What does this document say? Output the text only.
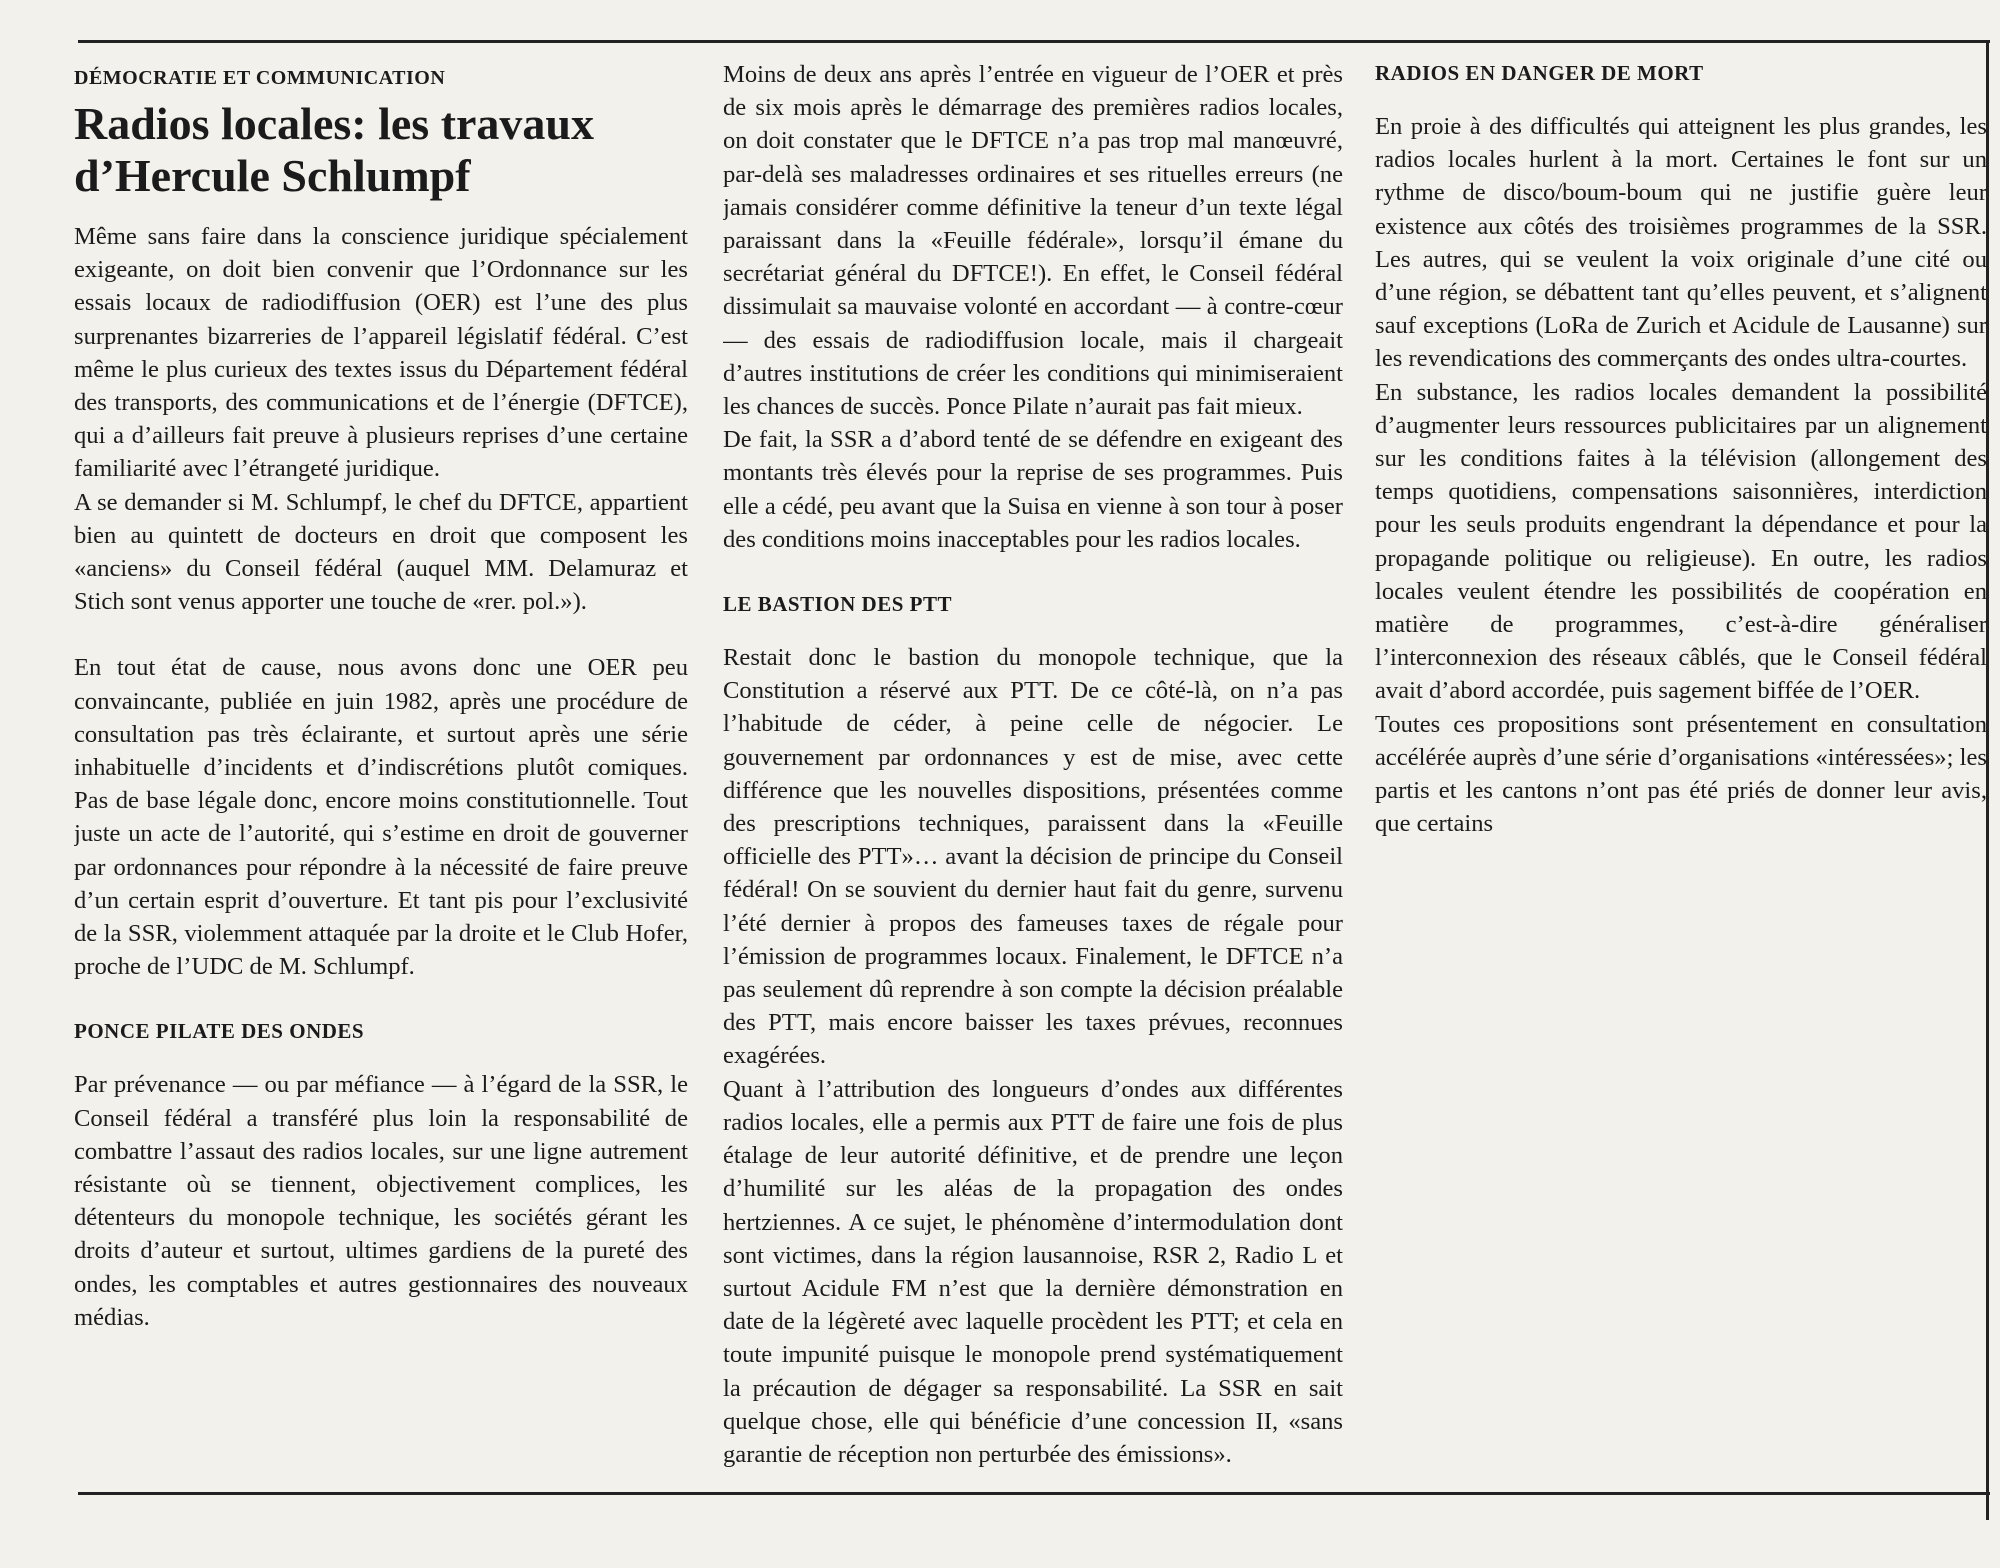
DÉMOCRATIE ET COMMUNICATION
Radios locales: les travaux
d’Hercule Schlumpf

Même sans faire dans la conscience juridique spécialement exigeante, on doit bien convenir que l’Ordonnance sur les essais locaux de radiodiffusion (OER) est l’une des plus surprenantes bizarreries de l’appareil législatif fédéral. C’est même le plus curieux des textes issus du Département fédéral des transports, des communications et de l’énergie (DFTCE), qui a d’ailleurs fait preuve à plusieurs reprises d’une certaine familiarité avec l’étrangeté juridique.

A se demander si M. Schlumpf, le chef du DFTCE, appartient bien au quintett de docteurs en droit que composent les «anciens» du Conseil fédéral (auquel MM. Delamuraz et Stich sont venus apporter une touche de «rer. pol.»).

En tout état de cause, nous avons donc une OER peu convaincante, publiée en juin 1982, après une procédure de consultation pas très éclairante, et surtout après une série inhabituelle d’incidents et d’indiscrétions plutôt comiques. Pas de base légale donc, encore moins constitutionnelle. Tout juste un acte de l’autorité, qui s’estime en droit de gouverner par ordonnances pour répondre à la nécessité de faire preuve d’un certain esprit d’ouverture. Et tant pis pour l’exclusivité de la SSR, violemment attaquée par la droite et le Club Hofer, proche de l’UDC de M. Schlumpf.

PONCE PILATE DES ONDES

Par prévenance — ou par méfiance — à l’égard de la SSR, le Conseil fédéral a transféré plus loin la responsabilité de combattre l’assaut des radios locales, sur une ligne autrement résistante où se tiennent, objectivement complices, les détenteurs du monopole technique, les sociétés gérant les droits d’auteur et surtout, ultimes gardiens de la pureté des ondes, les comptables et autres gestionnaires des nouveaux médias.

Moins de deux ans après l’entrée en vigueur de l’OER et près de six mois après le démarrage des premières radios locales, on doit constater que le DFTCE n’a pas trop mal manœuvré, par-delà ses maladresses ordinaires et ses rituelles erreurs (ne jamais considérer comme définitive la teneur d’un texte légal paraissant dans la «Feuille fédérale», lorsqu’il émane du secrétariat général du DFTCE!). En effet, le Conseil fédéral dissimulait sa mauvaise volonté en accordant — à contre-cœur — des essais de radiodiffusion locale, mais il chargeait d’autres institutions de créer les conditions qui minimiseraient les chances de succès. Ponce Pilate n’aurait pas fait mieux.

De fait, la SSR a d’abord tenté de se défendre en exigeant des montants très élevés pour la reprise de ses programmes. Puis elle a cédé, peu avant que la Suisa en vienne à son tour à poser des conditions moins inacceptables pour les radios locales.

LE BASTION DES PTT

Restait donc le bastion du monopole technique, que la Constitution a réservé aux PTT. De ce côté-là, on n’a pas l’habitude de céder, à peine celle de négocier. Le gouvernement par ordonnances y est de mise, avec cette différence que les nouvelles dispositions, présentées comme des prescriptions techniques, paraissent dans la «Feuille officielle des PTT»… avant la décision de principe du Conseil fédéral! On se souvient du dernier haut fait du genre, survenu l’été dernier à propos des fameuses taxes de régale pour l’émission de programmes locaux. Finalement, le DFTCE n’a pas seulement dû reprendre à son compte la décision préalable des PTT, mais encore baisser les taxes prévues, reconnues exagérées.

Quant à l’attribution des longueurs d’ondes aux différentes radios locales, elle a permis aux PTT de faire une fois de plus étalage de leur autorité définitive, et de prendre une leçon d’humilité sur les aléas de la propagation des ondes hertziennes. A ce sujet, le phénomène d’intermodulation dont sont victimes, dans la région lausannoise, RSR 2, Radio L et surtout Acidule FM n’est que la dernière démonstration en date de la légèreté avec laquelle procèdent les PTT; et cela en toute impunité puisque le monopole prend systématiquement la précaution de dégager sa responsabilité. La SSR en sait quelque chose, elle qui bénéficie d’une concession II, «sans garantie de réception non perturbée des émissions».

RADIOS EN DANGER DE MORT

En proie à des difficultés qui atteignent les plus grandes, les radios locales hurlent à la mort. Certaines le font sur un rythme de disco/boum-boum qui ne justifie guère leur existence aux côtés des troisièmes programmes de la SSR. Les autres, qui se veulent la voix originale d’une cité ou d’une région, se débattent tant qu’elles peuvent, et s’alignent sauf exceptions (LoRa de Zurich et Acidule de Lausanne) sur les revendications des commerçants des ondes ultra-courtes.

En substance, les radios locales demandent la possibilité d’augmenter leurs ressources publicitaires par un alignement sur les conditions faites à la télévision (allongement des temps quotidiens, compensations saisonnières, interdiction pour les seuls produits engendrant la dépendance et pour la propagande politique ou religieuse). En outre, les radios locales veulent étendre les possibilités de coopération en matière de programmes, c’est-à-dire généraliser l’interconnexion des réseaux câblés, que le Conseil fédéral avait d’abord accordée, puis sagement biffée de l’OER.

Toutes ces propositions sont présentement en consultation accélérée auprès d’une série d’organisations «intéressées»; les partis et les cantons n’ont pas été priés de donner leur avis, que certains
